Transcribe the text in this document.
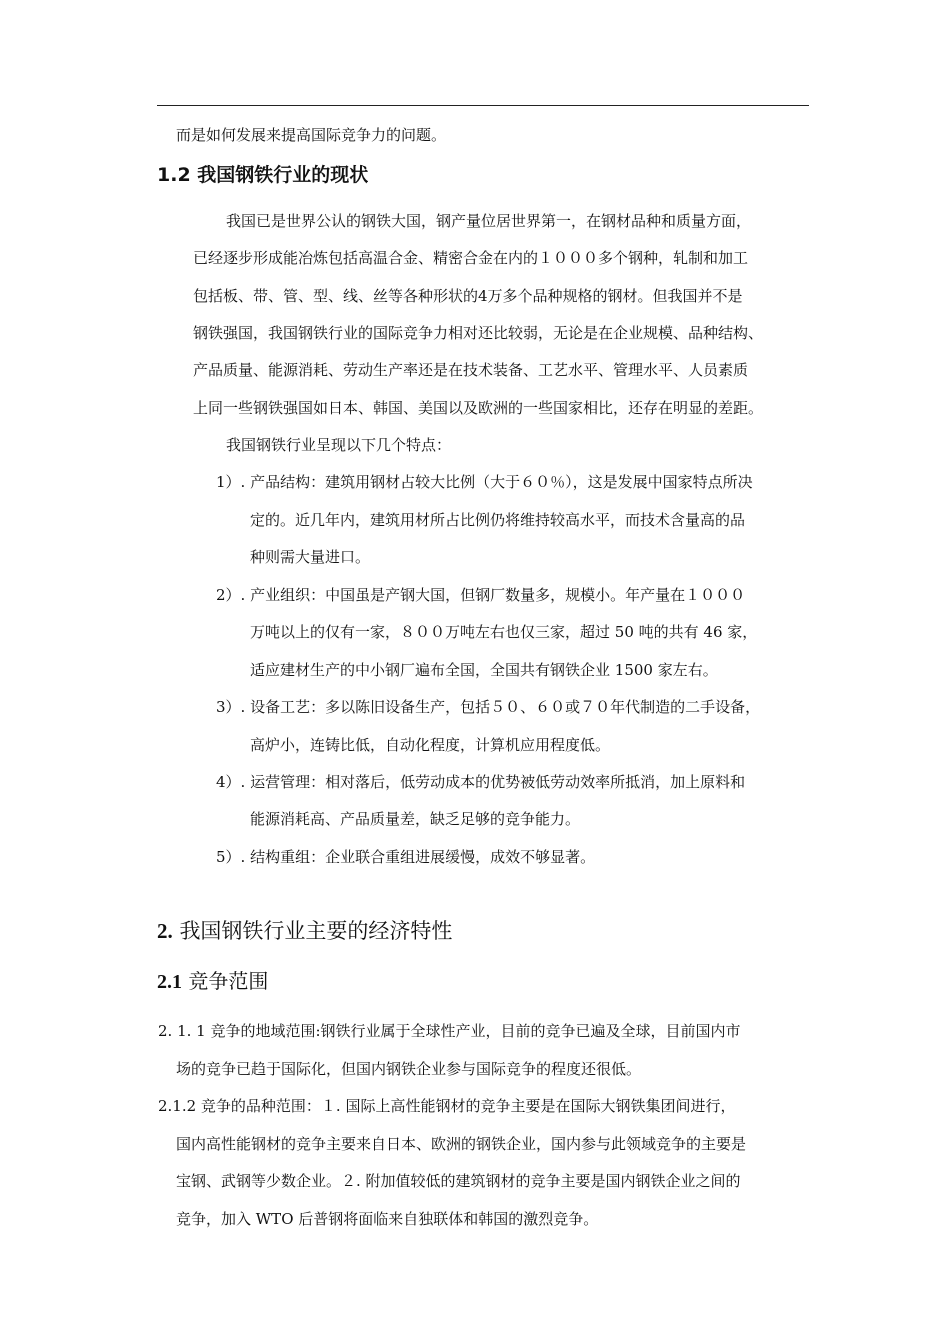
而是如何发展来提高国际竞争力的问题。
1.2 我国钢铁行业的现状
我国已是世界公认的钢铁大国，钢产量位居世界第一，在钢材品种和质量方面，
已经逐步形成能冶炼包括高温合金、精密合金在内的１０００多个钢种，轧制和加工
包括板、带、管、型、线、丝等各种形状的4万多个品种规格的钢材。但我国并不是
钢铁强国，我国钢铁行业的国际竞争力相对还比较弱，无论是在企业规模、品种结构、
产品质量、能源消耗、劳动生产率还是在技术装备、工艺水平、管理水平、人员素质
上同一些钢铁强国如日本、韩国、美国以及欧洲的一些国家相比，还存在明显的差距。
我国钢铁行业呈现以下几个特点：
1）. 产品结构：建筑用钢材占较大比例（大于６０％），这是发展中国家特点所决
定的。近几年内，建筑用材所占比例仍将维持较高水平，而技术含量高的品
种则需大量进口。
2）. 产业组织：中国虽是产钢大国，但钢厂数量多，规模小。年产量在１０００
万吨以上的仅有一家，８００万吨左右也仅三家，超过 50 吨的共有 46 家，
适应建材生产的中小钢厂遍布全国，全国共有钢铁企业 1500 家左右。
3）. 设备工艺：多以陈旧设备生产，包括５０、６０或７０年代制造的二手设备，
高炉小，连铸比低，自动化程度，计算机应用程度低。
4）. 运营管理：相对落后，低劳动成本的优势被低劳动效率所抵消，加上原料和
能源消耗高、产品质量差，缺乏足够的竞争能力。
5）. 结构重组：企业联合重组进展缓慢，成效不够显著。
2. 我国钢铁行业主要的经济特性
2.1 竞争范围
2. 1. 1 竞争的地域范围:钢铁行业属于全球性产业，目前的竞争已遍及全球，目前国内市
场的竞争已趋于国际化，但国内钢铁企业参与国际竞争的程度还很低。
2.1.2 竞争的品种范围：１. 国际上高性能钢材的竞争主要是在国际大钢铁集团间进行，
国内高性能钢材的竞争主要来自日本、欧洲的钢铁企业，国内参与此领域竞争的主要是
宝钢、武钢等少数企业。２. 附加值较低的建筑钢材的竞争主要是国内钢铁企业之间的
竞争，加入 WTO 后普钢将面临来自独联体和韩国的激烈竞争。
